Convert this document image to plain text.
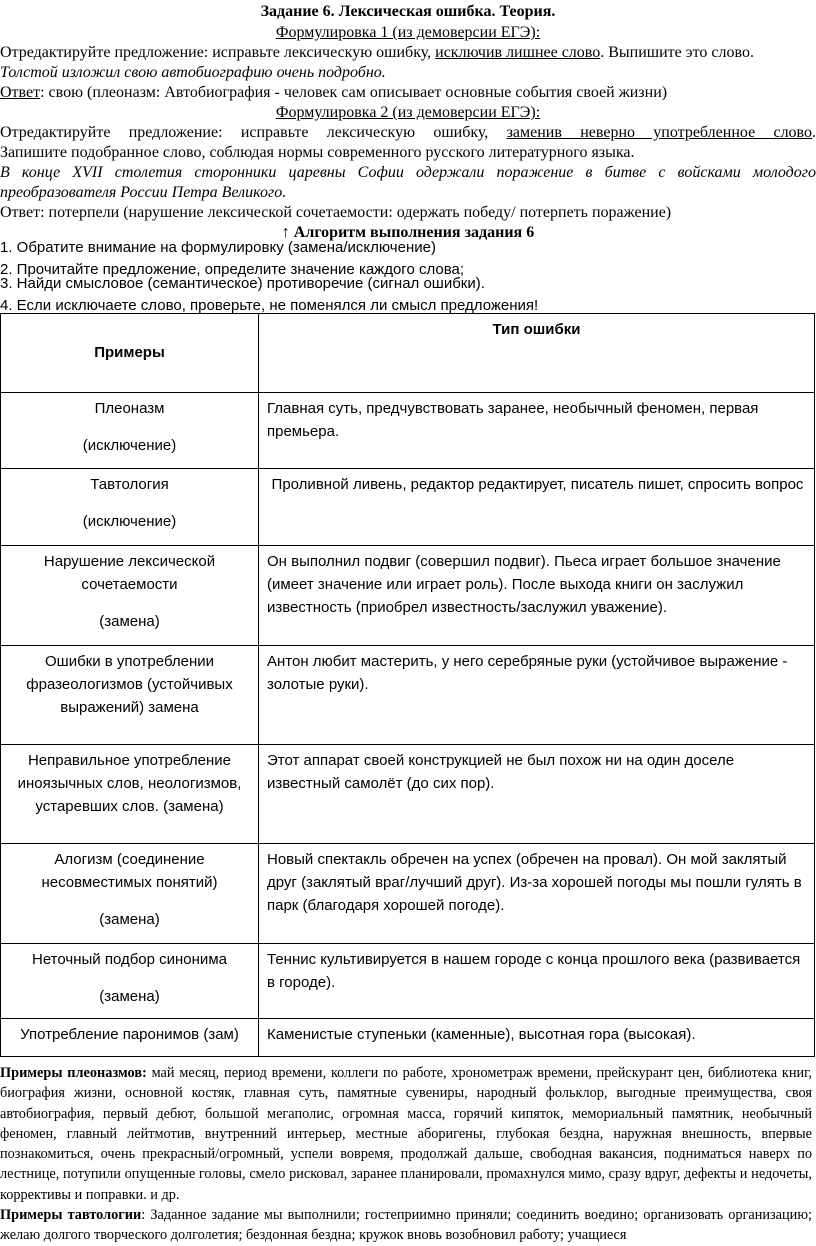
Задание 6. Лексическая ошибка. Теория.
Формулировка 1 (из демоверсии ЕГЭ):
Отредактируйте предложение: исправьте лексическую ошибку, исключив лишнее слово. Выпишите это слово.
Толстой изложил свою автобиографию очень подробно.
Ответ: свою (плеоназм: Автобиография - человек сам описывает основные события своей жизни)
Формулировка 2 (из демоверсии ЕГЭ):
Отредактируйте предложение: исправьте лексическую ошибку, заменив неверно употребленное слово.
Запишите подобранное слово, соблюдая нормы современного русского литературного языка.
В конце XVII столетия сторонники царевны Софии одержали поражение в битве с войсками молодого
преобразователя России Петра Великого.
Ответ: потерпели (нарушение лексической сочетаемости: одержать победу/ потерпеть поражение)
↑ Алгоритм выполнения задания 6
1. Обратите внимание на формулировку (замена/исключение)
2. Прочитайте предложение, определите значение каждого слова;
3. Найди смысловое (семантическое) противоречие (сигнал ошибки).
4. Если исключаете слово, проверьте, не поменялся ли смысл предложения!
Примеры	Тип ошибки

Плеоназм
(исключение)	Главная суть, предчувствовать заранее, необычный феномен, первая премьера.

Тавтология
(исключение)	Проливной ливень, редактор редактирует, писатель пишет, спросить вопрос

Нарушение лексической сочетаемости
(замена)	Он выполнил подвиг (совершил подвиг). Пьеса играет большое значение (имеет значение или играет роль). После выхода книги он заслужил известность (приобрел известность/заслужил уважение).

Ошибки в употреблении фразеологизмов (устойчивых выражений) замена	Антон любит мастерить, у него серебряные руки (устойчивое выражение - золотые руки).

Неправильное употребление иноязычных слов, неологизмов, устаревших слов. (замена)	Этот аппарат своей конструкцией не был похож ни на один доселе известный самолёт (до сих пор).

Алогизм (соединение несовместимых понятий)
(замена)	Новый спектакль обречен на успех (обречен на провал). Он мой заклятый друг (заклятый враг/лучший друг). Из-за хорошей погоды мы пошли гулять в парк (благодаря хорошей погоде).

Неточный подбор синонима
(замена)	Теннис культивируется в нашем городе с конца прошлого века (развивается в городе).

Употребление паронимов (зам)	Каменистые ступеньки (каменные), высотная гора (высокая).
Примеры плеоназмов: май месяц, период времени, коллеги по работе, хронометраж времени, прейскурант цен, библиотека книг, биография жизни, основной костяк, главная суть, памятные сувениры, народный фольклор, выгодные преимущества, своя автобиография, первый дебют, большой мегаполис, огромная масса, горячий кипяток, мемориальный памятник, необычный феномен, главный лейтмотив, внутренний интерьер, местные аборигены, глубокая бездна, наружная внешность, впервые познакомиться, очень прекрасный/огромный, успели вовремя, продолжай дальше, свободная вакансия, подниматься наверх по лестнице, потупили опущенные головы, смело рисковал, заранее планировали, промахнулся мимо, сразу вдруг, дефекты и недочеты, коррективы и поправки. и др.
Примеры тавтологии: Заданное задание мы выполнили; гостеприимно приняли; соединить воедино; организовать организацию; желаю долгого творческого долголетия; бездонная бездна; кружок вновь возобновил работу; учащиеся
